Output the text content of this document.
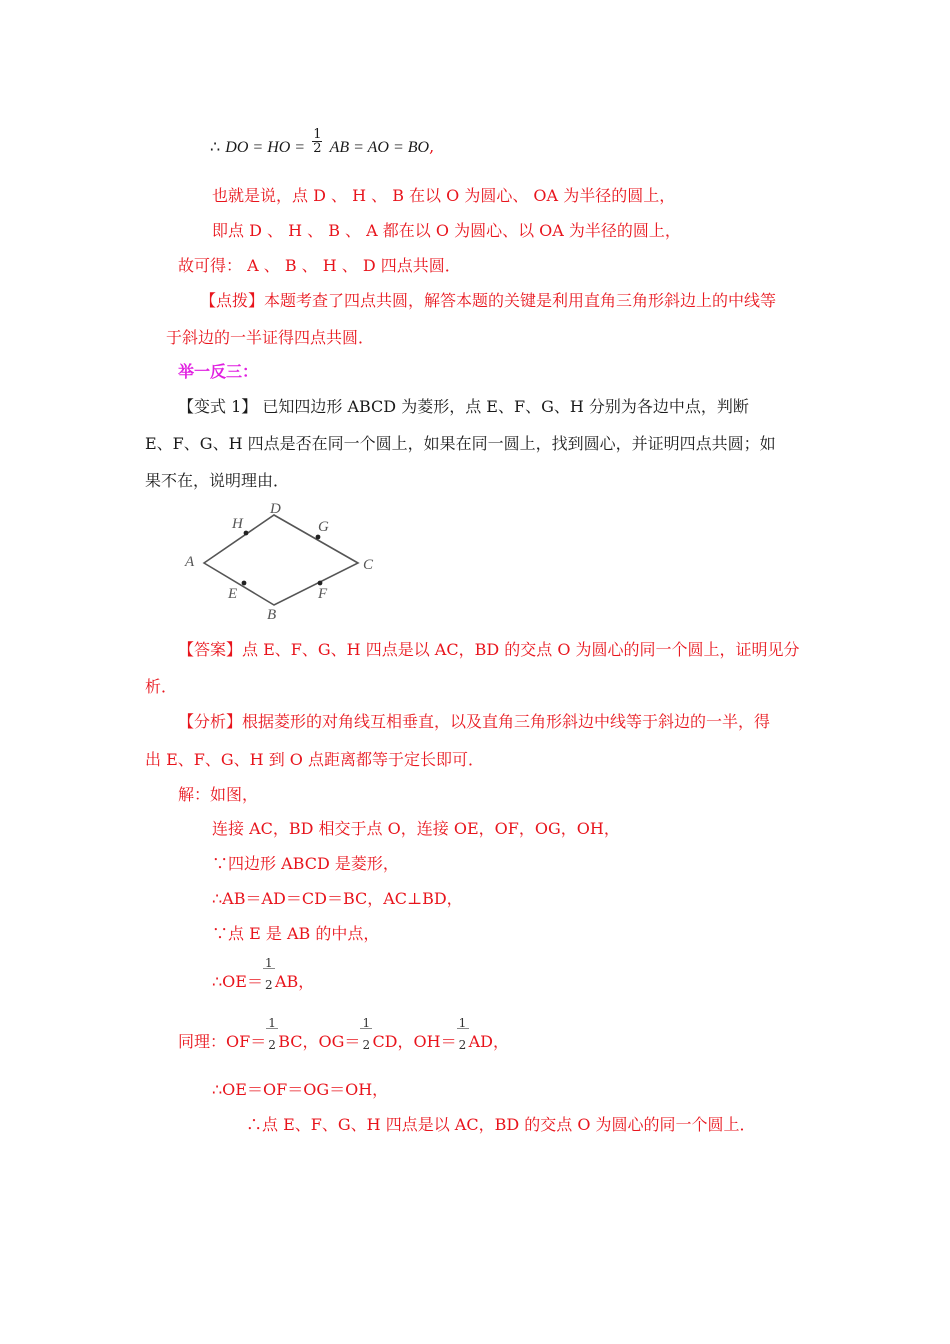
∴ DO = HO = $\frac{1}{2}$ AB = AO = BO,
也就是说，点 D 、 H 、 B 在以 O 为圆心、 OA 为半径的圆上，
即点 D 、 H 、 B 、 A 都在以 O 为圆心、以 OA 为半径的圆上，
故可得： A 、 B 、 H 、 D 四点共圆．
【点拨】本题考查了四点共圆，解答本题的关键是利用直角三角形斜边上的中线等
于斜边的一半证得四点共圆．
举一反三：
【变式 1】 已知四边形 ABCD 为菱形，点 E、F、G、H 分别为各边中点，判断
E、F、G、H 四点是否在同一个圆上，如果在同一圆上，找到圆心，并证明四点共圆；如
果不在，说明理由．
A
D
C
B
H	G
E	F
【答案】点 E、F、G、H 四点是以 AC，BD 的交点 O 为圆心的同一个圆上，证明见分
析．
【分析】根据菱形的对角线互相垂直，以及直角三角形斜边中线等于斜边的一半，得
出 E、F、G、H 到 O 点距离都等于定长即可．
解：如图，
连接 AC，BD 相交于点 O，连接 OE，OF，OG，OH，
∵四边形 ABCD 是菱形，
∴AB＝AD＝CD＝BC，AC⊥BD，
∵点 E 是 AB 的中点，
∴OE＝ $\frac{1}{2}$ AB，
同理：$OF= \frac{1}{2}$ BC，$OG= \frac{1}{2}$ CD，$OH= \frac{1}{2}$ AD，
∴OE＝OF＝OG＝OH，
∴点 E、F、G、H 四点是以 AC，BD 的交点 O 为圆心的同一个圆上．
